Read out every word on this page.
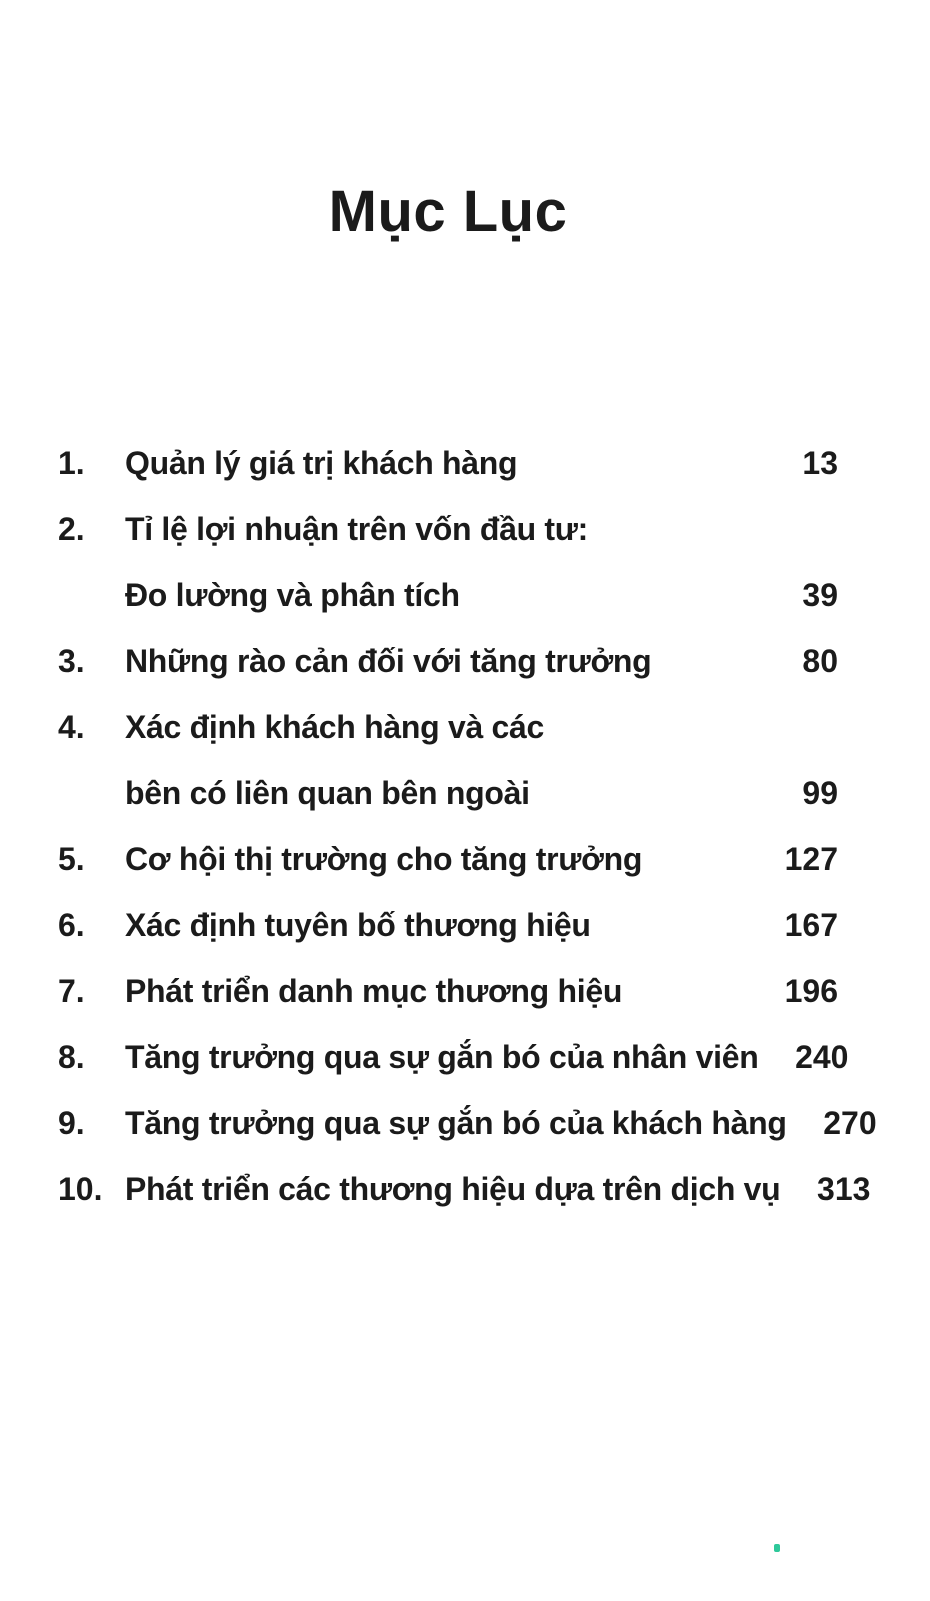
Mục Lục
1.	Quản lý giá trị khách hàng	13
2.	Tỉ lệ lợi nhuận trên vốn đầu tư:
Đo lường và phân tích	39
3.	Những rào cản đối với tăng trưởng	80
4.	Xác định khách hàng và các
bên có liên quan bên ngoài	99
5.	Cơ hội thị trường cho tăng trưởng	127
6.	Xác định tuyên bố thương hiệu	167
7.	Phát triển danh mục thương hiệu	196
8.	Tăng trưởng qua sự gắn bó của nhân viên	240
9.	Tăng trưởng qua sự gắn bó của khách hàng	270
10. Phát triển các thương hiệu dựa trên dịch vụ	313
